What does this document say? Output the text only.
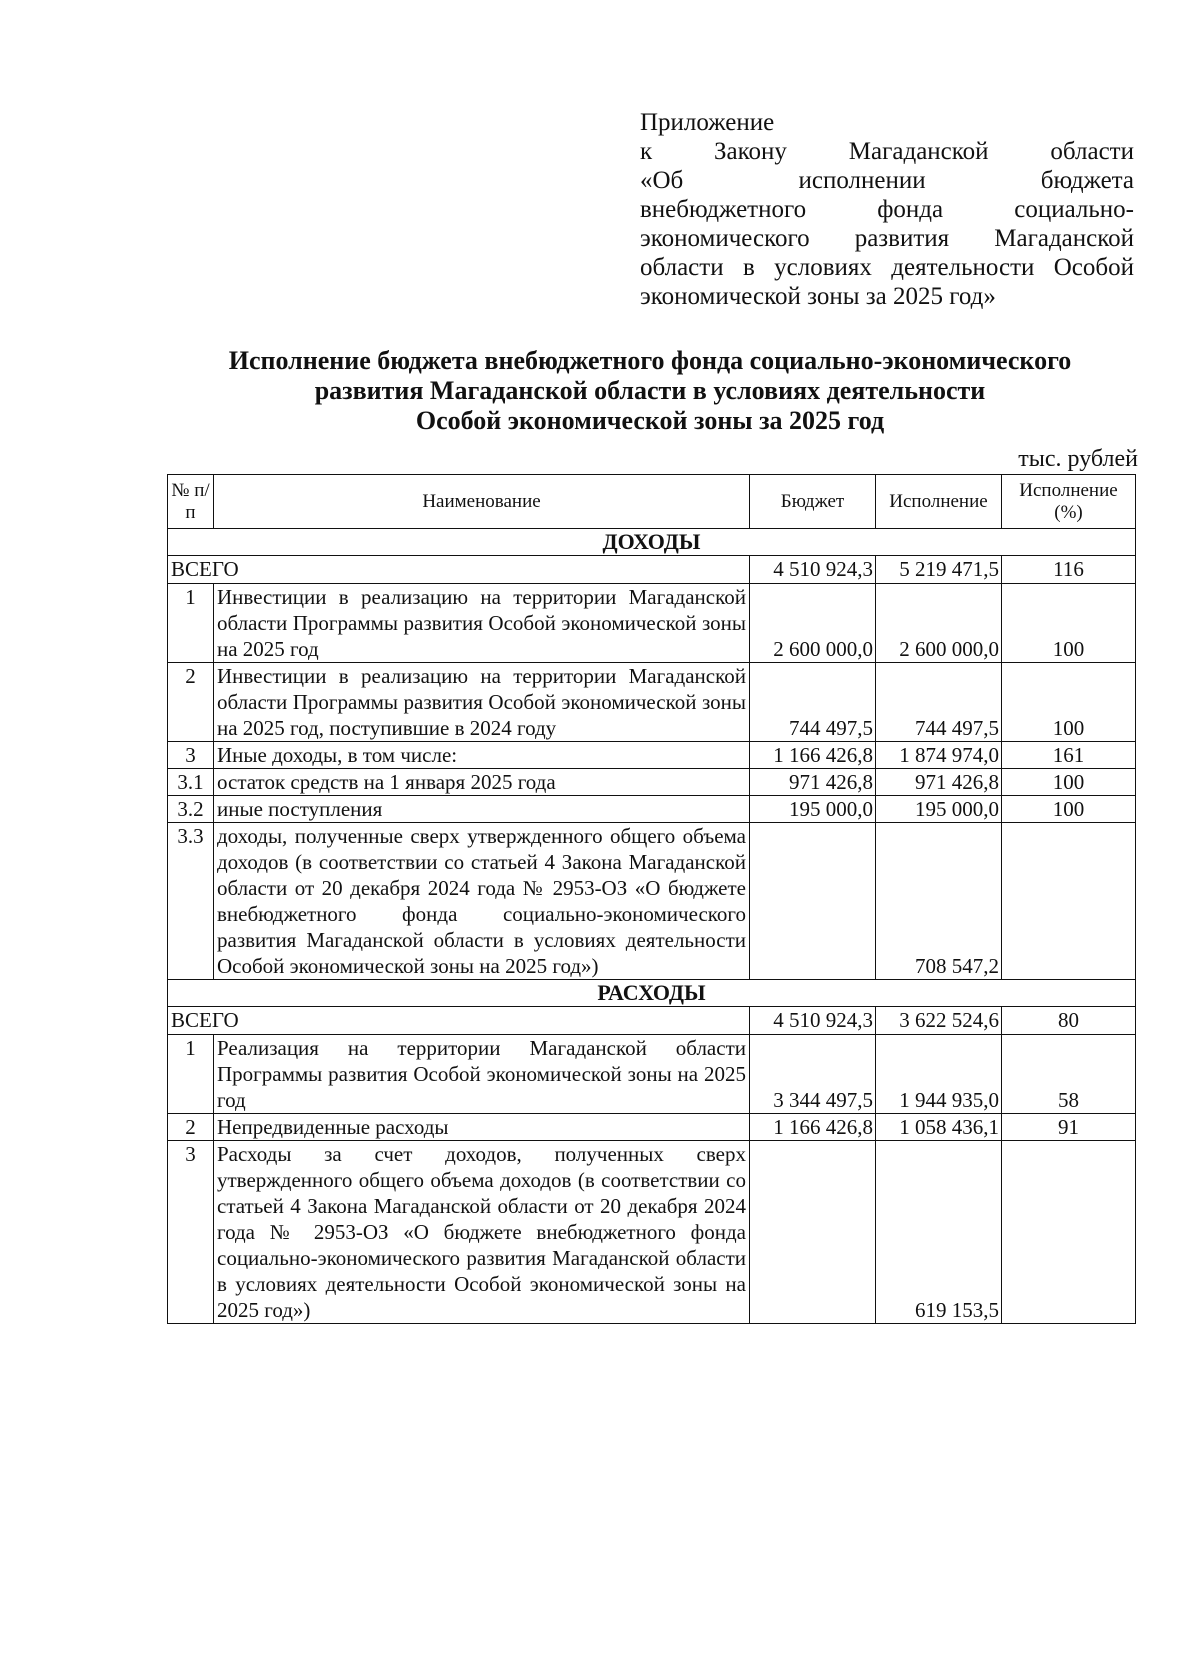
Приложение
к Закону Магаданской области
«Об исполнении бюджета
внебюджетного фонда социально-
экономического развития Магаданской
области в условиях деятельности Особой
экономической зоны за 2025 год»
Исполнение бюджета внебюджетного фонда социально-экономического
развития Магаданской области в условиях деятельности
Особой экономической зоны за 2025 год
тыс. рублей
№ п/п	Наименование	Бюджет	Исполнение	Исполнение (%)
ДОХОДЫ				
ВСЕГО		4 510 924,3	5 219 471,5	116
1	Инвестиции в реализацию на территории Магаданской области Программы развития Особой экономической зоны на 2025 год	2 600 000,0	2 600 000,0	100
2	Инвестиции в реализацию на территории Магаданской области Программы развития Особой экономической зоны на 2025 год, поступившие в 2024 году	744 497,5	744 497,5	100
3	Иные доходы, в том числе:	1 166 426,8	1 874 974,0	161
3.1	остаток средств на 1 января 2025 года	971 426,8	971 426,8	100
3.2	иные поступления	195 000,0	195 000,0	100
3.3	доходы, полученные сверх утвержденного общего объема доходов (в соответствии со статьей 4 Закона Магаданской области от 20 декабря 2024 года № 2953-ОЗ «О бюджете внебюджетного фонда социально-экономического развития Магаданской области в условиях деятельности Особой экономической зоны на 2025 год»)		708 547,2	
РАСХОДЫ				
ВСЕГО		4 510 924,3	3 622 524,6	80
1	Реализация на территории Магаданской области Программы развития Особой экономической зоны на 2025 год	3 344 497,5	1 944 935,0	58
2	Непредвиденные расходы	1 166 426,8	1 058 436,1	91
3	Расходы за счет доходов, полученных сверх утвержденного общего объема доходов (в соответствии со статьей 4 Закона Магаданской области от 20 декабря 2024 года № 2953-ОЗ «О бюджете внебюджетного фонда социально-экономического развития Магаданской области в условиях деятельности Особой экономической зоны на 2025 год»)		619 153,5	
